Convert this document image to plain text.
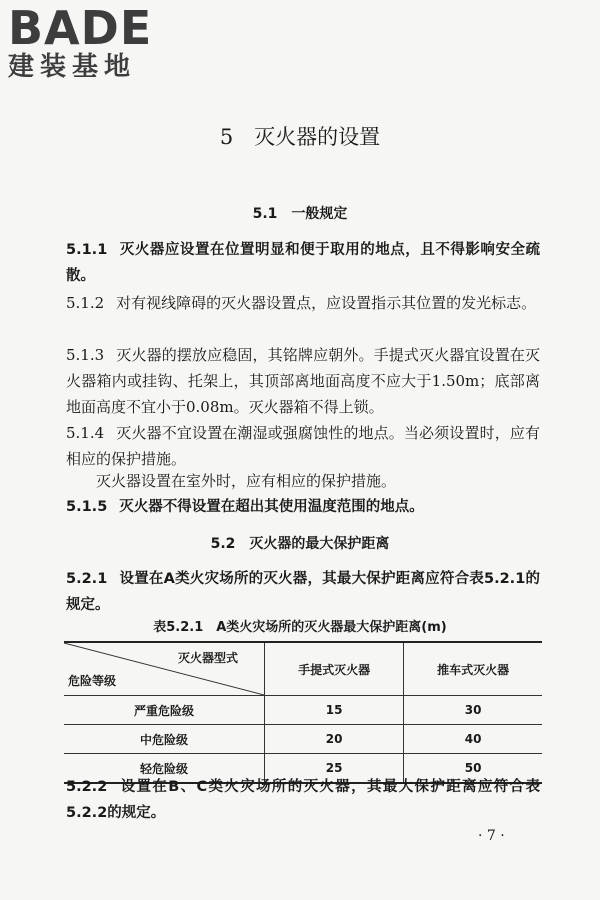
BADE
建装基地
5　灭火器的设置
5.1　一般规定

5.1.1 灭火器应设置在位置明显和便于取用的地点，且不得影响安全疏散。

5.1.2 对有视线障碍的灭火器设置点，应设置指示其位置的发光标志。

5.1.3 灭火器的摆放应稳固，其铭牌应朝外。手提式灭火器宜设置在灭火器箱内或挂钩、托架上，其顶部离地面高度不应大于1.50m；底部离地面高度不宜小于0.08m。灭火器箱不得上锁。

5.1.4 灭火器不宜设置在潮湿或强腐蚀性的地点。当必须设置时，应有相应的保护措施。

灭火器设置在室外时，应有相应的保护措施。

5.1.5 灭火器不得设置在超出其使用温度范围的地点。

5.2　灭火器的最大保护距离

5.2.1 设置在A类火灾场所的灭火器，其最大保护距离应符合表5.2.1的规定。

表5.2.1　A类火灾场所的灭火器最大保护距离(m)
灭火器型式
危险等级	手提式灭火器	推车式灭火器
严重危险级	15	30
中危险级	20	40
轻危险级	25	50

5.2.2 设置在B、C类火灾场所的灭火器，其最大保护距离应符合表5.2.2的规定。

· 7 ·
